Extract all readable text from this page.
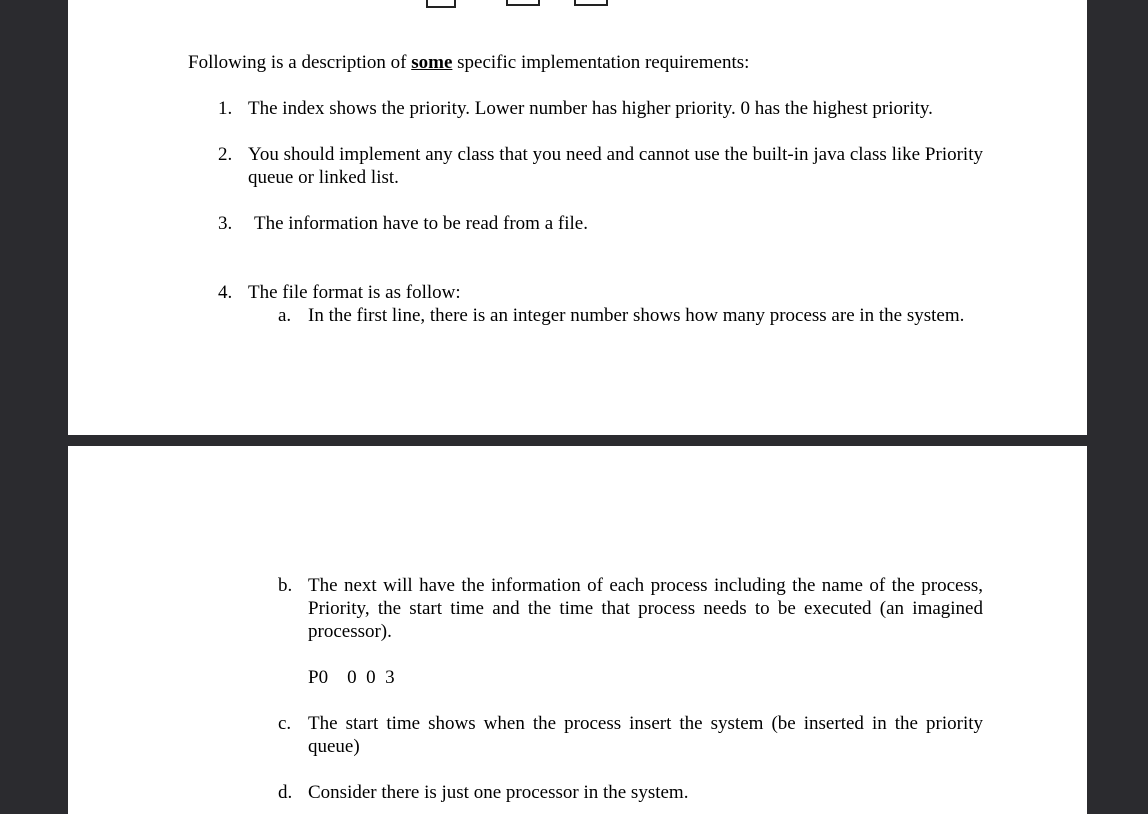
Following is a description of some specific implementation requirements:
1. The index shows the priority. Lower number has higher priority. 0 has the highest priority.
2. You should implement any class that you need and cannot use the built-in java class like Priority queue or linked list.
3. The information have to be read from a file.
4. The file format is as follow:
a. In the first line, there is an integer number shows how many process are in the system.
b. The next will have the information of each process including the name of the process, Priority, the start time and the time that process needs to be executed (an imagined processor).
P0    0  0  3
c. The start time shows when the process insert the system (be inserted in the priority queue)
d. Consider there is just one processor in the system.
